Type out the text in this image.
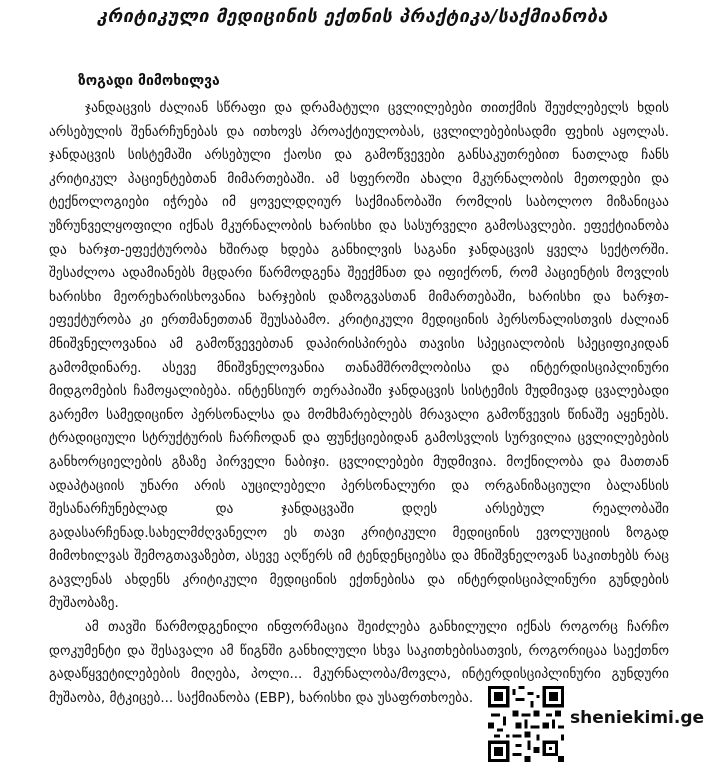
კრიტიკული მედიცინის ექთნის პრაქტიკა/საქმიანობა
ზოგადი მიმოხილვა

ჯანდაცვის ძალიან სწრაფი და დრამატული ცვლილებები თითქმის შეუძლებელს ხდის არსებულის შენარჩუნებას და ითხოვს პროაქტიულობას, ცვლილებებისადმი ფეხის აყოლას. ჯანდაცვის სისტემაში არსებული ქაოსი და გამოწვევები განსაკუთრებით ნათლად ჩანს კრიტიკულ პაციენტებთან მიმართებაში. ამ სფეროში ახალი მკურნალობის მეთოდები და ტექნოლოგიები იჭრება იმ ყოველდღიურ საქმიანობაში რომლის საბოლოო მიზანიცაა უზრუნველყოფილი იქნას მკურნალობის ხარისხი და სასურველი გამოსავლები. ეფექტიანობა და ხარჯთ-ეფექტურობა ხშირად ხდება განხილვის საგანი ჯანდაცვის ყველა სექტორში. შესაძლოა ადამიანებს მცდარი წარმოდგენა შეექმნათ და იფიქრონ, რომ პაციენტის მოვლის ხარისხი მეორეხარისხოვანია ხარჯების დაზოგვასთან მიმართებაში, ხარისხი და ხარჯთ-ეფექტურობა კი ერთმანეთთან შეუსაბამო. კრიტიკული მედიცინის პერსონალისთვის ძალიან მნიშვნელოვანია ამ გამოწვევებთან დაპირისპირება თავისი სპეციალობის სპეციფიკიდან გამომდინარე. ასევე მნიშვნელოვანია თანამშრომლობისა და ინტერდისციპლინური მიდგომების ჩამოყალიბება. ინტენსიურ თერაპიაში ჯანდაცვის სისტემის მუდმივად ცვალებადი გარემო სამედიცინო პერსონალსა და მომხმარებლებს მრავალი გამოწვევის წინაშე აყენებს. ტრადიციული სტრუქტურის ჩარჩოდან და ფუნქციებიდან გამოსვლის სურვილია ცვლილებების განხორციელების გზაზე პირველი ნაბიჯი. ცვლილებები მუდმივია. მოქნილობა და მათთან ადაპტაციის უნარი არის აუცილებელი პერსონალური და ორგანიზაციული ბალანსის შესანარჩუნებლად და ჯანდაცვაში დღეს არსებულ რეალობაში გადასარჩენად.სახელმძღვანელო ეს თავი კრიტიკული მედიცინის ევოლუციის ზოგად მიმოხილვას შემოგთავაზებთ, ასევე აღწერს იმ ტენდენციებსა და მნიშვნელოვან საკითხებს რაც გავლენას ახდენს კრიტიკული მედიცინის ექთნებისა და ინტერდისციპლინური გუნდების მუშაობაზე.

ამ თავში წარმოდგენილი ინფორმაცია შეიძლება განხილული იქნას როგორც ჩარჩო დოკუმენტი და შესავალი ამ წიგნში განხილული სხვა საკითხებისათვის, როგორიცაა საექთნო გადაწყვეტილებების მიღება, პოლი... მკურნალობა/მოვლა, ინტერდისციპლინური გუნდური მუშაობა, მტკიცებ... საქმიანობა (EBP), ხარისხი და უსაფრთხოება.

sheniekimi.ge
